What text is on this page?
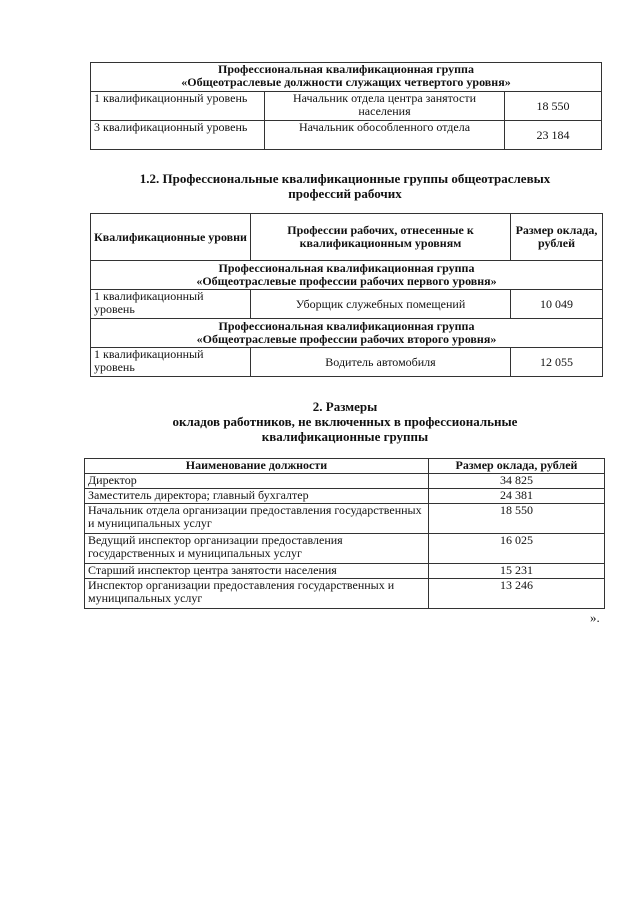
Профессиональная квалификационная группа
«Общеотраслевые должности служащих четвертого уровня»		
1 квалификационный уровень	Начальник отдела центра занятости населения	18 550
3 квалификационный уровень	Начальник обособленного отдела	23 184
1.2. Профессиональные квалификационные группы общеотраслевых
профессий рабочих
Квалификационные уровни	Профессии рабочих, отнесенные к квалификационным уровням	Размер оклада, рублей
Профессиональная квалификационная группа
«Общеотраслевые профессии рабочих первого уровня»		
1 квалификационный уровень	Уборщик служебных помещений	10 049
Профессиональная квалификационная группа
«Общеотраслевые профессии рабочих второго уровня»		
1 квалификационный уровень	Водитель автомобиля	12 055
2. Размеры
окладов работников, не включенных в профессиональные
квалификационные группы
Наименование должности	Размер оклада, рублей
Директор	34 825
Заместитель директора; главный бухгалтер	24 381
Начальник отдела организации предоставления государственных и муниципальных услуг	18 550
Ведущий инспектор организации предоставления государственных и муниципальных услуг	16 025
Старший инспектор центра занятости населения	15 231
Инспектор организации предоставления государственных и муниципальных услуг	13 246
».
